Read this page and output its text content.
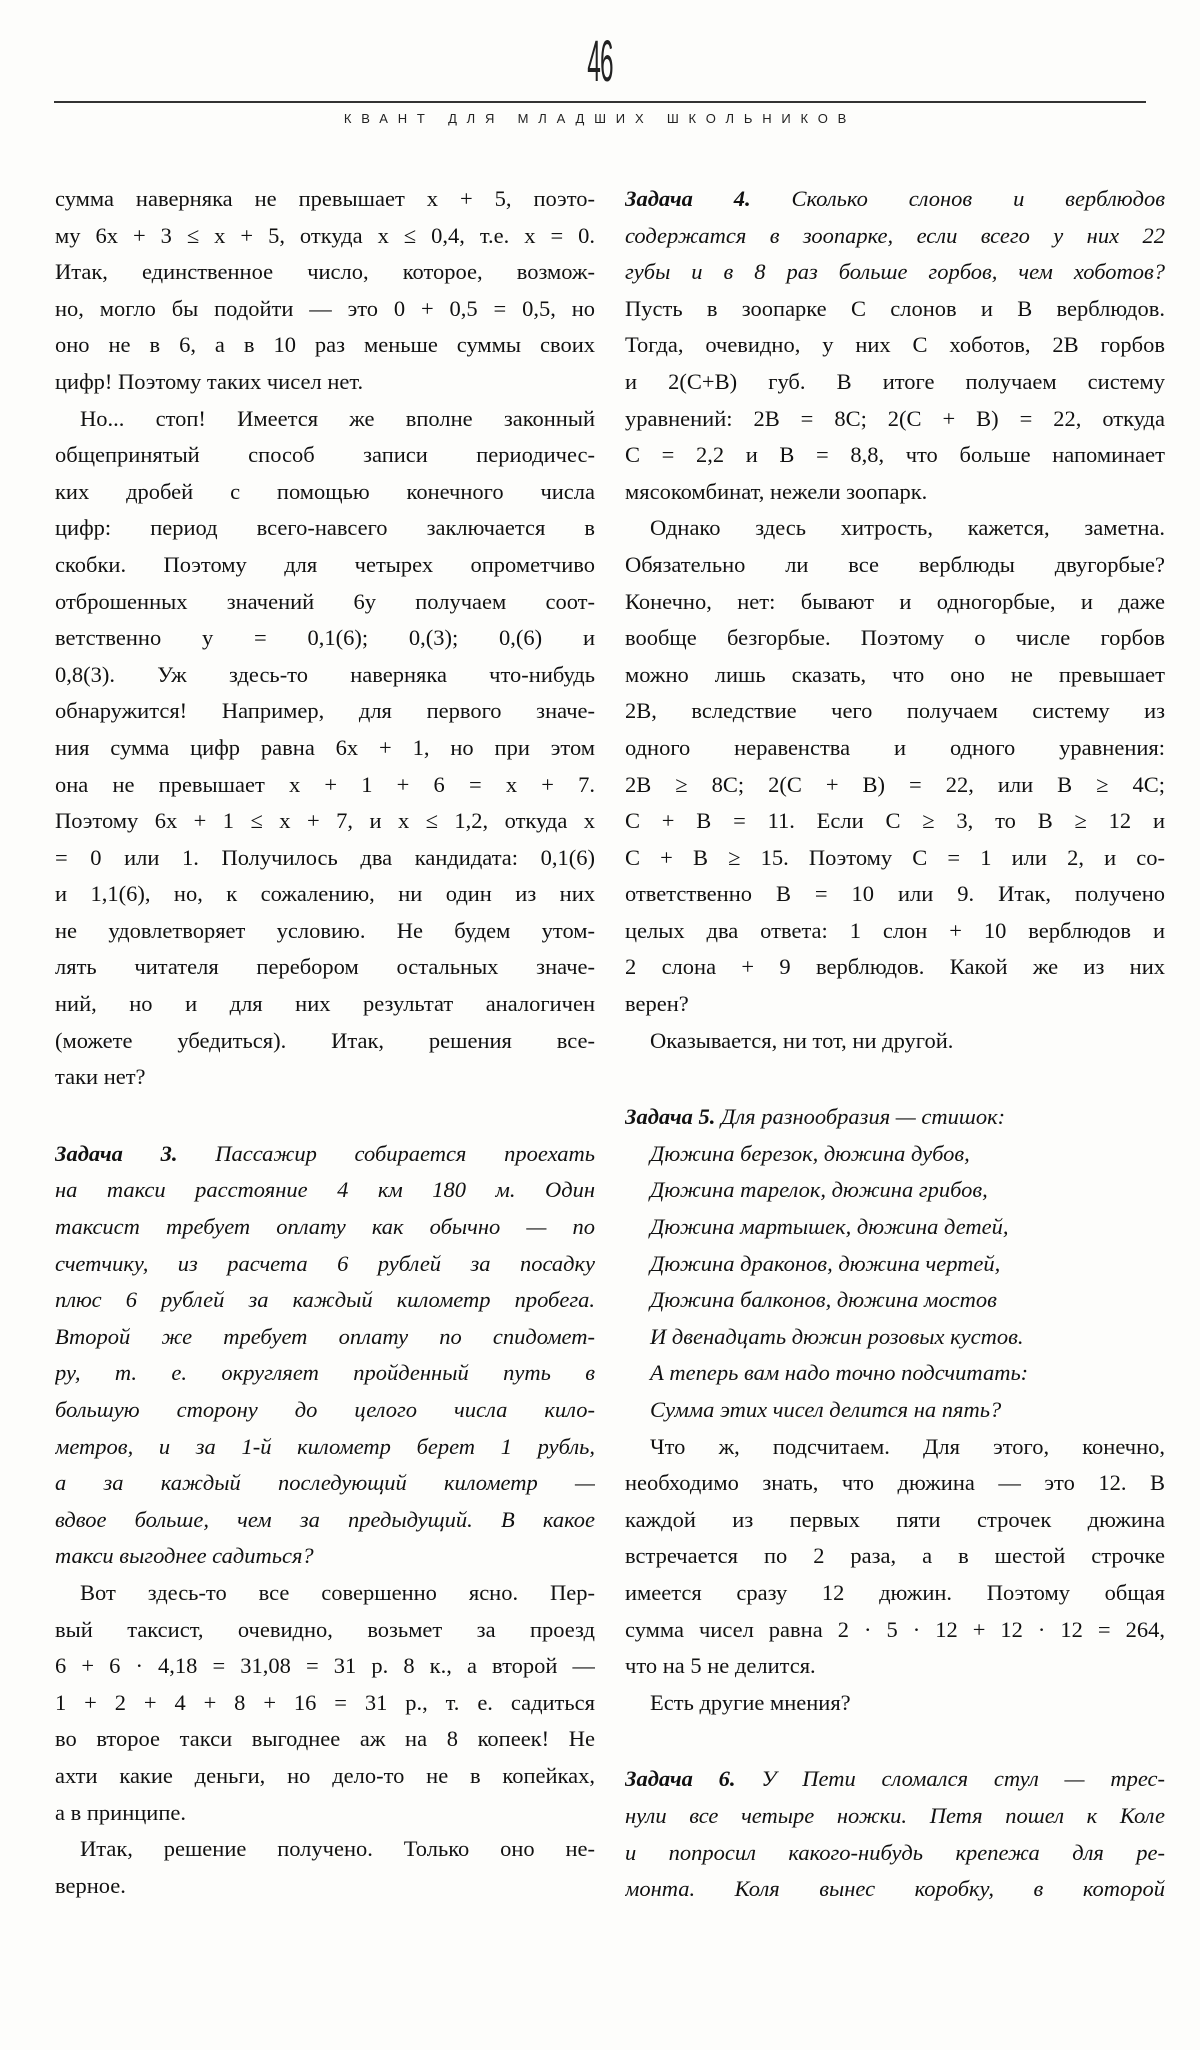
46
КВАНТ ДЛЯ МЛАДШИХ ШКОЛЬНИКОВ
сумма наверняка не превышает x + 5, поэто-
му 6x + 3 ≤ x + 5, откуда x ≤ 0,4, т.е. x = 0.
Итак, единственное число, которое, возмож-
но, могло бы подойти — это 0 + 0,5 = 0,5, но
оно не в 6, а в 10 раз меньше суммы своих
цифр! Поэтому таких чисел нет.
Но... стоп! Имеется же вполне законный
общепринятый способ записи периодичес-
ких дробей с помощью конечного числа
цифр: период всего-навсего заключается в
скобки. Поэтому для четырех опрометчиво
отброшенных значений 6y получаем соот-
ветственно y = 0,1(6); 0,(3); 0,(6) и
0,8(3). Уж здесь-то наверняка что-нибудь
обнаружится! Например, для первого значе-
ния сумма цифр равна 6x + 1, но при этом
она не превышает x + 1 + 6 = x + 7.
Поэтому 6x + 1 ≤ x + 7, и x ≤ 1,2, откуда x
= 0 или 1. Получилось два кандидата: 0,1(6)
и 1,1(6), но, к сожалению, ни один из них
не удовлетворяет условию. Не будем утом-
лять читателя перебором остальных значе-
ний, но и для них результат аналогичен
(можете убедиться). Итак, решения все-
таки нет?
Задача 3. Пассажир собирается проехать
на такси расстояние 4 км 180 м. Один
таксист требует оплату как обычно — по
счетчику, из расчета 6 рублей за посадку
плюс 6 рублей за каждый километр пробега.
Второй же требует оплату по спидомет-
ру, т. е. округляет пройденный путь в
большую сторону до целого числа кило-
метров, и за 1-й километр берет 1 рубль,
а за каждый последующий километр —
вдвое больше, чем за предыдущий. В какое
такси выгоднее садиться?
Вот здесь-то все совершенно ясно. Пер-
вый таксист, очевидно, возьмет за проезд
6 + 6 · 4,18 = 31,08 = 31 р. 8 к., а второй —
1 + 2 + 4 + 8 + 16 = 31 р., т. е. садиться
во второе такси выгоднее аж на 8 копеек! Не
ахти какие деньги, но дело-то не в копейках,
а в принципе.
Итак, решение получено. Только оно не-
верное.
Задача 4. Сколько слонов и верблюдов
содержатся в зоопарке, если всего у них 22
губы и в 8 раз больше горбов, чем хоботов?
Пусть в зоопарке C слонов и B верблюдов.
Тогда, очевидно, у них C хоботов, 2B горбов
и 2(C+B) губ. В итоге получаем систему
уравнений: 2B = 8C; 2(C + B) = 22, откуда
C = 2,2 и B = 8,8, что больше напоминает
мясокомбинат, нежели зоопарк.
Однако здесь хитрость, кажется, заметна.
Обязательно ли все верблюды двугорбые?
Конечно, нет: бывают и одногорбые, и даже
вообще безгорбые. Поэтому о числе горбов
можно лишь сказать, что оно не превышает
2B, вследствие чего получаем систему из
одного неравенства и одного уравнения:
2B ≥ 8C; 2(C + B) = 22, или B ≥ 4C;
C + B = 11. Если C ≥ 3, то B ≥ 12 и
C + B ≥ 15. Поэтому C = 1 или 2, и со-
ответственно B = 10 или 9. Итак, получено
целых два ответа: 1 слон + 10 верблюдов и
2 слона + 9 верблюдов. Какой же из них
верен?
Оказывается, ни тот, ни другой.
Задача 5. Для разнообразия — стишок:
Дюжина березок, дюжина дубов,
Дюжина тарелок, дюжина грибов,
Дюжина мартышек, дюжина детей,
Дюжина драконов, дюжина чертей,
Дюжина балконов, дюжина мостов
И двенадцать дюжин розовых кустов.
А теперь вам надо точно подсчитать:
Сумма этих чисел делится на пять?
Что ж, подсчитаем. Для этого, конечно,
необходимо знать, что дюжина — это 12. В
каждой из первых пяти строчек дюжина
встречается по 2 раза, а в шестой строчке
имеется сразу 12 дюжин. Поэтому общая
сумма чисел равна 2 · 5 · 12 + 12 · 12 = 264,
что на 5 не делится.
Есть другие мнения?
Задача 6. У Пети сломался стул — трес-
нули все четыре ножки. Петя пошел к Коле
и попросил какого-нибудь крепежа для ре-
монта. Коля вынес коробку, в которой
